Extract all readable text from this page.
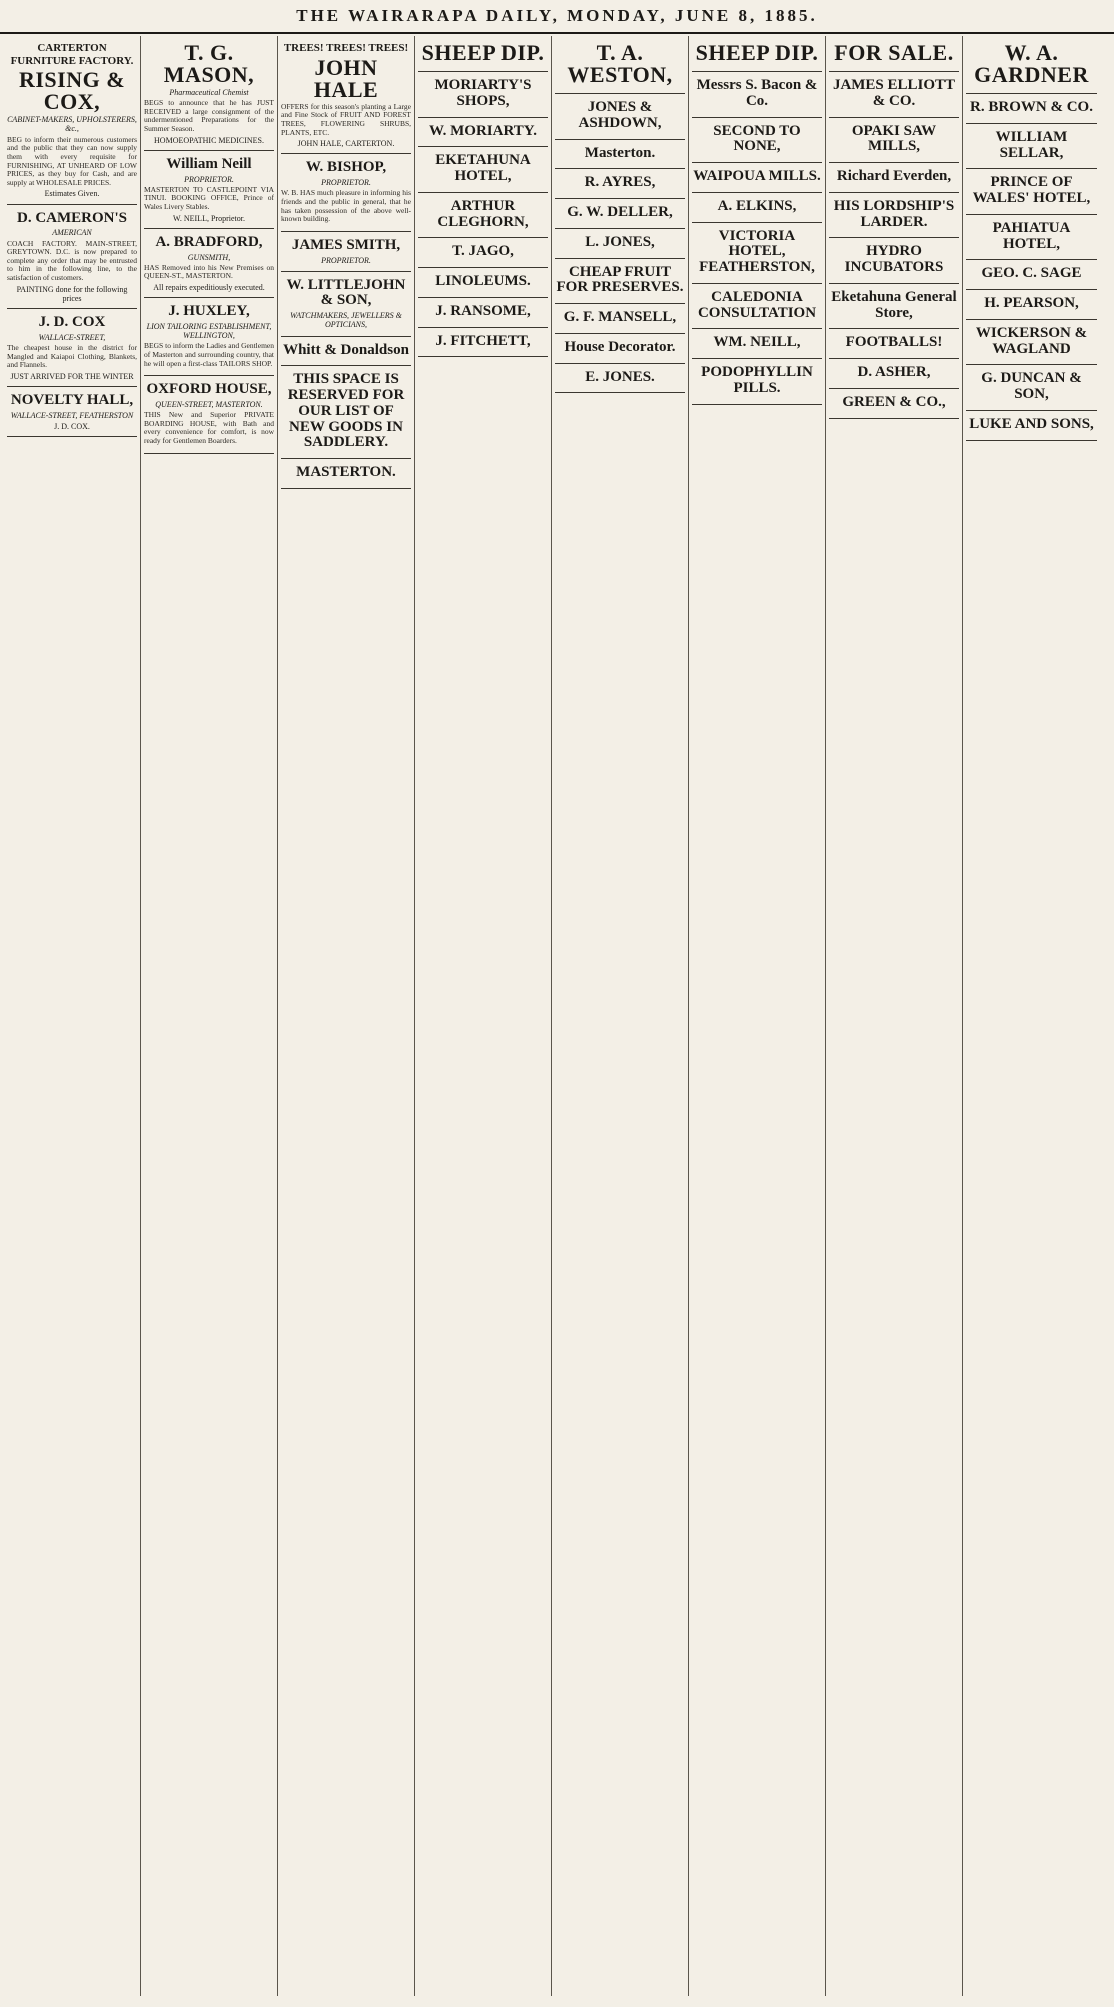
THE WAIRARAPA DAILY, MONDAY, JUNE 8, 1885.
CARTERTON FURNITURE FACTORY.
RISING & COX,
CABINET-MAKERS, UPHOLSTERERS, &c.,
BEG to inform their numerous customers and the public that they can now supply them with every requisite for FURNISHING, AT UNHEARD OF LOW PRICES, as they buy for Cash, and are supply at WHOLESALE PRICES.
Estimates Given.
D. CAMERON'S
AMERICAN
COACH FACTORY. MAIN-STREET, GREYTOWN. D.C. is now prepared to complete any order that may be entrusted to him in the following line, to the satisfaction of customers.
PAINTING done for the following prices
J. D. COX
WALLACE-STREET,
The cheapest house in the district for Mangled and Kaiapoi Clothing, Blankets, and Flannels.
JUST ARRIVED FOR THE WINTER
NOVELTY HALL,
WALLACE-STREET, FEATHERSTON
J. D. COX.
T. G. MASON,
Pharmaceutical Chemist
BEGS to announce that he has JUST RECEIVED a large consignment of the undermentioned Preparations for the Summer Season.
HOMOEOPATHIC MEDICINES.
William Neill
PROPRIETOR.
MASTERTON TO CASTLEPOINT VIA TINUI. BOOKING OFFICE, Prince of Wales Livery Stables.
W. NEILL, Proprietor.
A. BRADFORD,
GUNSMITH,
HAS Removed into his New Premises on QUEEN-ST., MASTERTON.
All repairs expeditiously executed.
J. HUXLEY,
LION TAILORING ESTABLISHMENT, WELLINGTON,
BEGS to inform the Ladies and Gentlemen of Masterton and surrounding country, that he will open a first-class TAILORS SHOP.
OXFORD HOUSE,
QUEEN-STREET, MASTERTON.
THIS New and Superior PRIVATE BOARDING HOUSE, with Bath and every convenience for comfort, is now ready for Gentlemen Boarders.
TREES! TREES! TREES!
JOHN HALE
OFFERS for this season's planting a Large and Fine Stock of FRUIT AND FOREST TREES, FLOWERING SHRUBS, PLANTS, ETC.
JOHN HALE, CARTERTON.
W. BISHOP,
PROPRIETOR.
W. B. HAS much pleasure in informing his friends and the public in general, that he has taken possession of the above well-known building.
JAMES SMITH,
PROPRIETOR.
W. LITTLEJOHN & SON,
WATCHMAKERS, JEWELLERS & OPTICIANS,
Whitt & Donaldson
THIS SPACE IS RESERVED FOR OUR LIST OF NEW GOODS IN SADDLERY.
MASTERTON.
SHEEP DIP.
MORIARTY'S SHOPS,
W. MORIARTY.
EKETAHUNA HOTEL,
ARTHUR CLEGHORN,
T. JAGO,
LINOLEUMS.
J. RANSOME,
J. FITCHETT,
T. A. WESTON,
JONES & ASHDOWN,
Masterton.
R. AYRES,
G. W. DELLER,
L. JONES,
CHEAP FRUIT FOR PRESERVES.
G. F. MANSELL,
House Decorator.
E. JONES.
SHEEP DIP.
Messrs S. Bacon & Co.
SECOND TO NONE,
WAIPOUA MILLS.
A. ELKINS,
VICTORIA HOTEL, FEATHERSTON,
CALEDONIA CONSULTATION
WM. NEILL,
PODOPHYLLIN PILLS.
FOR SALE.
JAMES ELLIOTT & CO.
OPAKI SAW MILLS,
Richard Everden,
HIS LORDSHIP'S LARDER.
HYDRO INCUBATORS
Eketahuna General Store,
FOOTBALLS!
D. ASHER,
GREEN & CO.,
W. A. GARDNER
R. BROWN & CO.
WILLIAM SELLAR,
PRINCE OF WALES' HOTEL,
PAHIATUA HOTEL,
GEO. C. SAGE
H. PEARSON,
WICKERSON & WAGLAND
G. DUNCAN & SON,
LUKE AND SONS,
